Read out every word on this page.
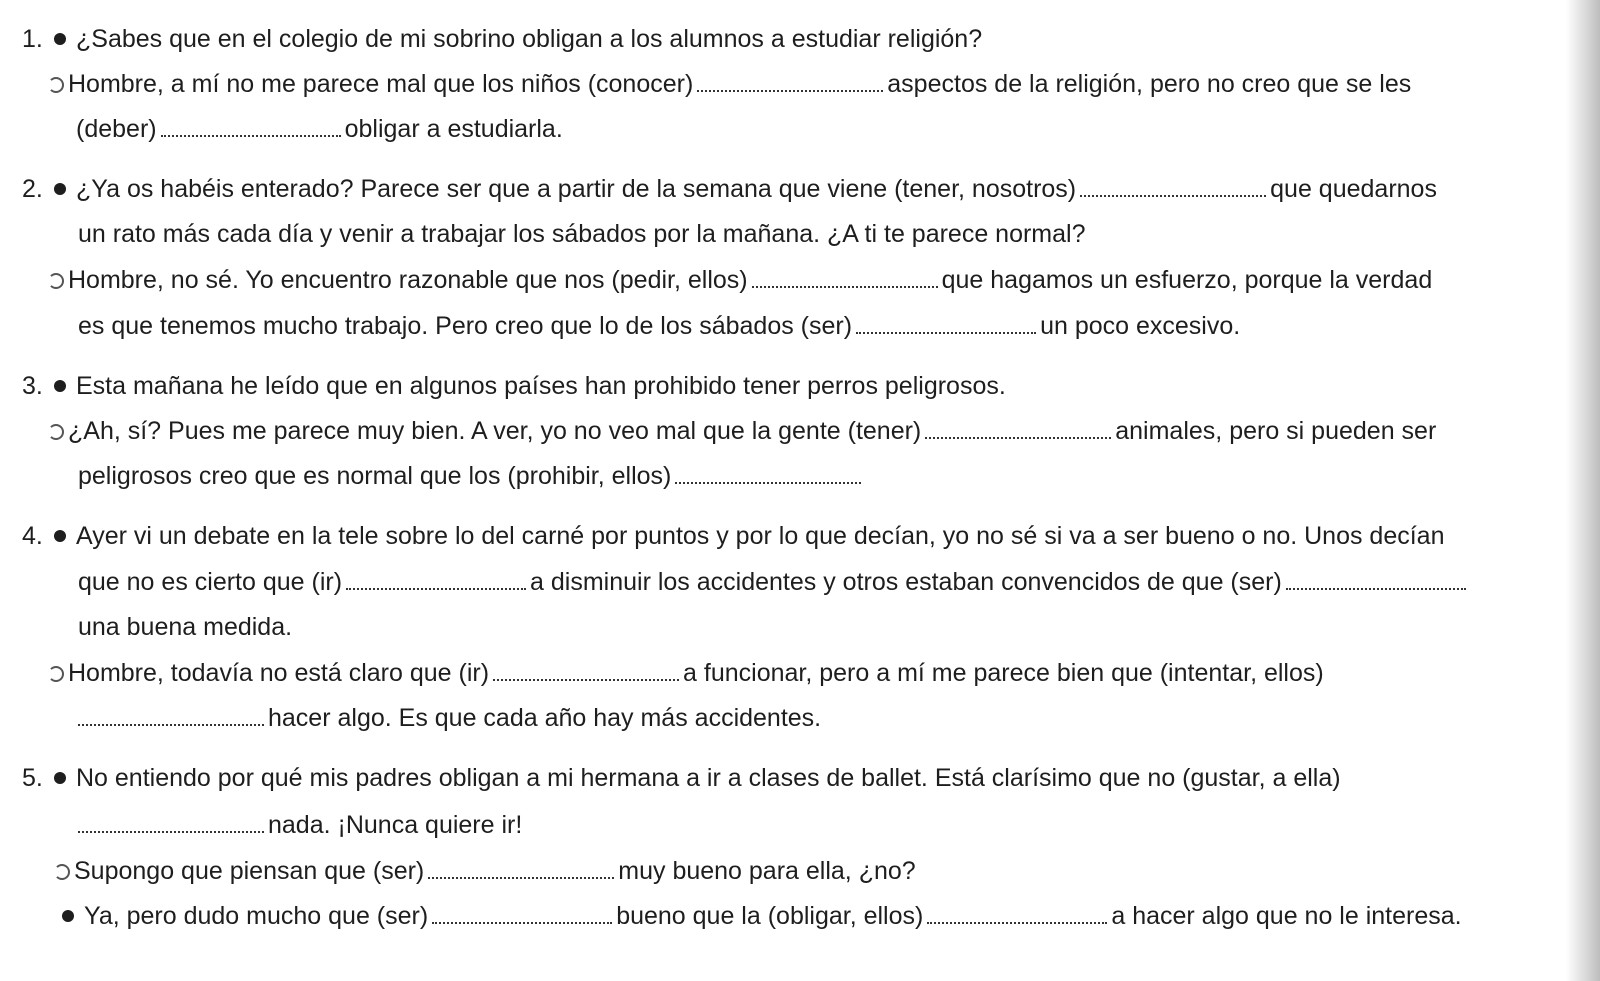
1. ¿Sabes que en el colegio de mi sobrino obligan a los alumnos a estudiar religión?
Hombre, a mí no me parece mal que los niños (conocer)	aspectos de la religión, pero no creo que se les
(deber)	obligar a estudiarla.
2. ¿Ya os habéis enterado? Parece ser que a partir de la semana que viene (tener, nosotros)	que quedarnos
un rato más cada día y venir a trabajar los sábados por la mañana. ¿A ti te parece normal?
Hombre, no sé. Yo encuentro razonable que nos (pedir, ellos)	que hagamos un esfuerzo, porque la verdad
es que tenemos mucho trabajo. Pero creo que lo de los sábados (ser)	un poco excesivo.
3. Esta mañana he leído que en algunos países han prohibido tener perros peligrosos.
¿Ah, sí? Pues me parece muy bien. A ver, yo no veo mal que la gente (tener)	animales, pero si pueden ser
peligrosos creo que es normal que los (prohibir, ellos)
4. Ayer vi un debate en la tele sobre lo del carné por puntos y por lo que decían, yo no sé si va a ser bueno o no. Unos decían
que no es cierto que (ir)	a disminuir los accidentes y otros estaban convencidos de que (ser)
una buena medida.
Hombre, todavía no está claro que (ir)	a funcionar, pero a mí me parece bien que (intentar, ellos)
hacer algo. Es que cada año hay más accidentes.
5. No entiendo por qué mis padres obligan a mi hermana a ir a clases de ballet. Está clarísimo que no (gustar, a ella)
nada. ¡Nunca quiere ir!
Supongo que piensan que (ser)	muy bueno para ella, ¿no?
Ya, pero dudo mucho que (ser)	bueno que la (obligar, ellos)	a hacer algo que no le interesa.
